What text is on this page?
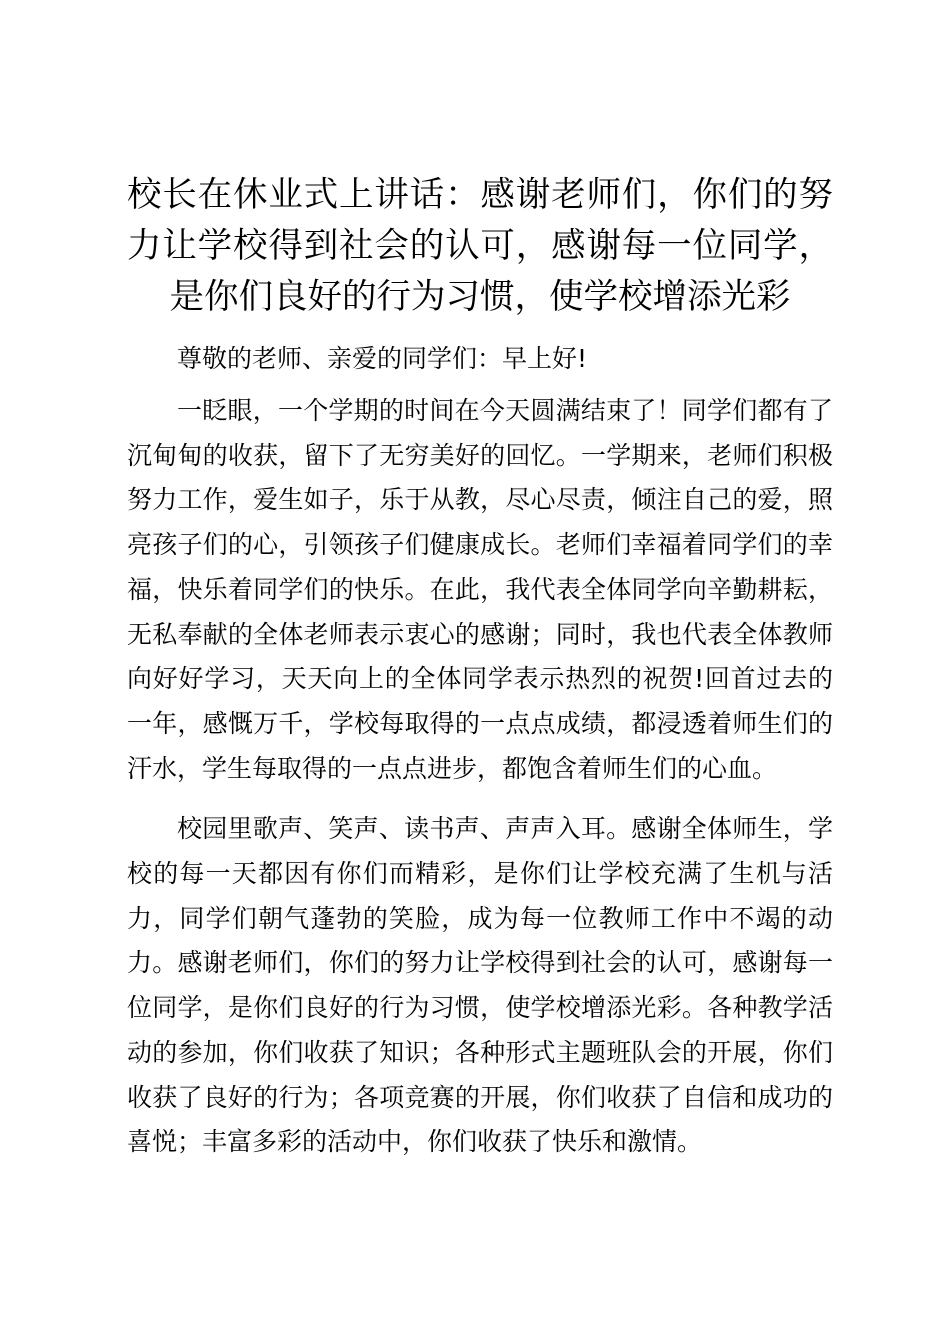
校长在休业式上讲话：感谢老师们，你们的努力让学校得到社会的认可，感谢每一位同学，是你们良好的行为习惯，使学校增添光彩

尊敬的老师、亲爱的同学们：早上好!

一眨眼，一个学期的时间在今天圆满结束了！同学们都有了沉甸甸的收获，留下了无穷美好的回忆。一学期来，老师们积极努力工作，爱生如子，乐于从教，尽心尽责，倾注自己的爱，照亮孩子们的心，引领孩子们健康成长。老师们幸福着同学们的幸福，快乐着同学们的快乐。在此，我代表全体同学向辛勤耕耘，无私奉献的全体老师表示衷心的感谢；同时，我也代表全体教师向好好学习，天天向上的全体同学表示热烈的祝贺!回首过去的一年，感慨万千，学校每取得的一点点成绩，都浸透着师生们的汗水，学生每取得的一点点进步，都饱含着师生们的心血。

校园里歌声、笑声、读书声、声声入耳。感谢全体师生，学校的每一天都因有你们而精彩，是你们让学校充满了生机与活力，同学们朝气蓬勃的笑脸，成为每一位教师工作中不竭的动力。感谢老师们，你们的努力让学校得到社会的认可，感谢每一位同学，是你们良好的行为习惯，使学校增添光彩。各种教学活动的参加，你们收获了知识；各种形式主题班队会的开展，你们收获了良好的行为；各项竞赛的开展，你们收获了自信和成功的喜悦；丰富多彩的活动中，你们收获了快乐和激情。
